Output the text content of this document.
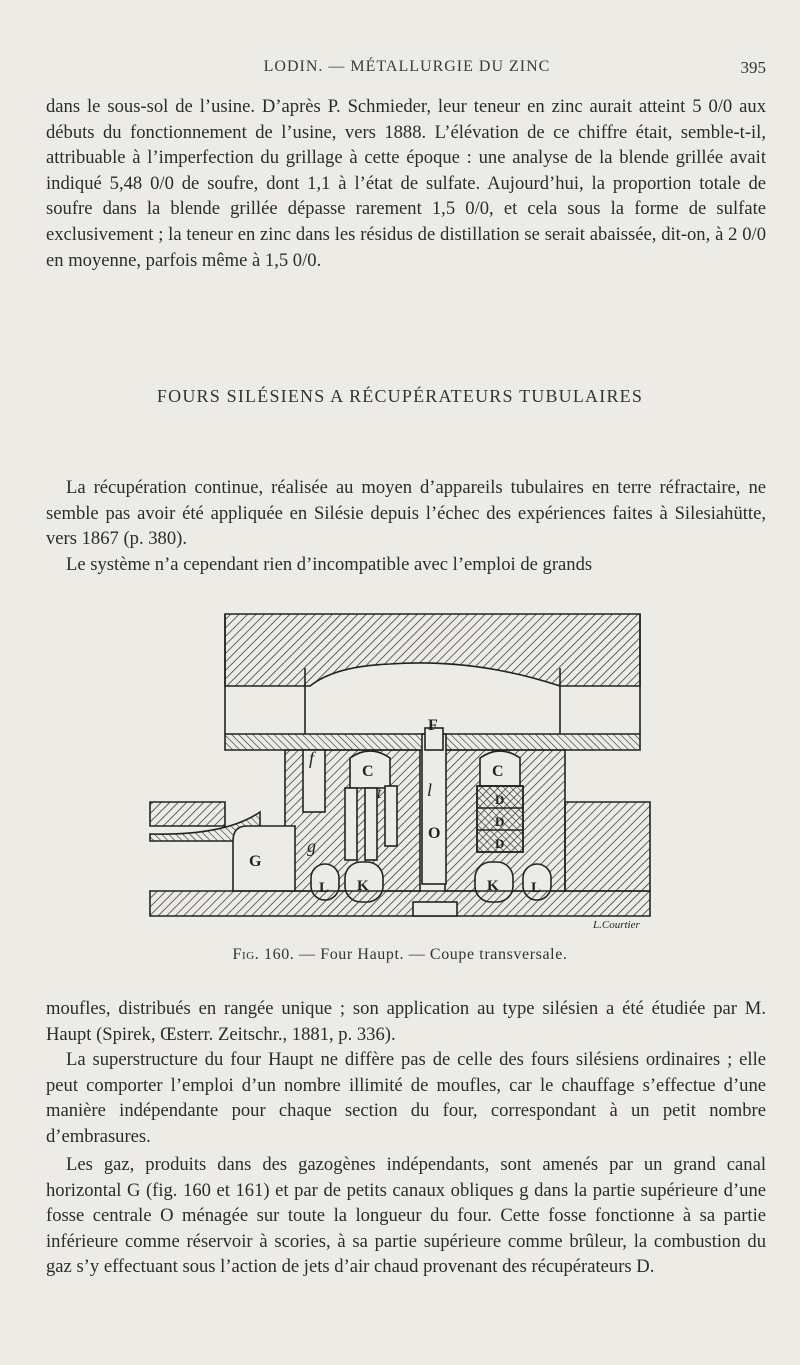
LODIN. — MÉTALLURGIE DU ZINC	395

dans le sous-sol de l’usine. D’après P. Schmieder, leur teneur en zinc aurait atteint 5 0/0 aux débuts du fonctionnement de l’usine, vers 1888. L’élévation de ce chiffre était, semble-t-il, attribuable à l’imperfection du grillage à cette époque : une analyse de la blende grillée avait indiqué 5,48 0/0 de soufre, dont 1,1 à l’état de sulfate. Aujourd’hui, la proportion totale de soufre dans la blende grillée dépasse rarement 1,5 0/0, et cela sous la forme de sulfate exclusivement ; la teneur en zinc dans les résidus de distillation se serait abaissée, dit-on, à 2 0/0 en moyenne, parfois même à 1,5 0/0.

FOURS SILÉSIENS A RÉCUPÉRATEURS TUBULAIRES

La récupération continue, réalisée au moyen d’appareils tubulaires en terre réfractaire, ne semble pas avoir été appliquée en Silésie depuis l’échec des expériences faites à Silesiahütte, vers 1867 (p. 380).

Le système n’a cependant rien d’incompatible avec l’emploi de grands

F
f
C	C
t	l
O
D
D
D
g
G
L K	K L
L.Courtier
Fig. 160. — Four Haupt. — Coupe transversale.

moufles, distribués en rangée unique ; son application au type silésien a été étudiée par M. Haupt (Spirek, Œsterr. Zeitschr., 1881, p. 336).

La superstructure du four Haupt ne diffère pas de celle des fours silésiens ordinaires ; elle peut comporter l’emploi d’un nombre illimité de moufles, car le chauffage s’effectue d’une manière indépendante pour chaque section du four, correspondant à un petit nombre d’embrasures.

Les gaz, produits dans des gazogènes indépendants, sont amenés par un grand canal horizontal G (fig. 160 et 161) et par de petits canaux obliques g dans la partie supérieure d’une fosse centrale O ménagée sur toute la longueur du four. Cette fosse fonctionne à sa partie inférieure comme réservoir à scories, à sa partie supérieure comme brûleur, la combustion du gaz s’y effectuant sous l’action de jets d’air chaud provenant des récupérateurs D.
